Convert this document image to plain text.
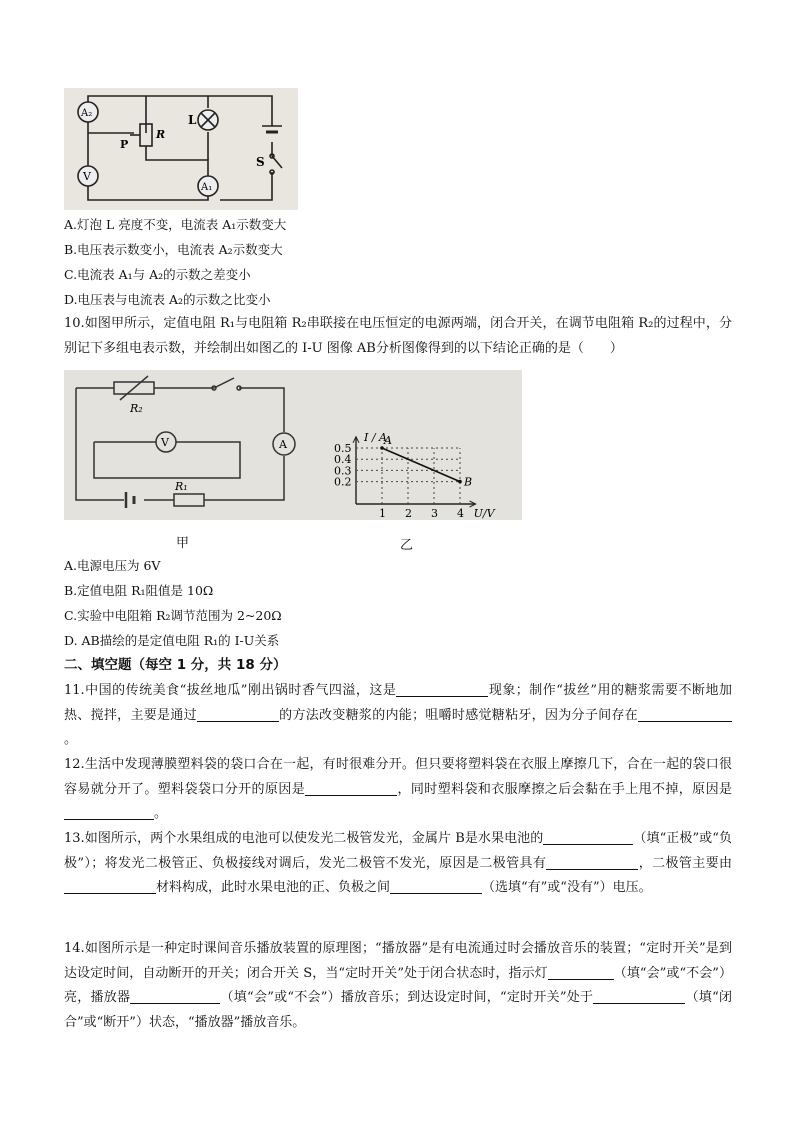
A₂
V
A₁
P
R
L
S
A.灯泡 L 亮度不变，电流表 A₁示数变大
B.电压表示数变小，电流表 A₂示数变大
C.电流表 A₁与 A₂的示数之差变小
D.电压表与电流表 A₂的示数之比变小
10.如图甲所示，定值电阻 R₁与电阻箱 R₂串联接在电压恒定的电源两端，闭合开关，在调节电阻箱 R₂的过程中，分别记下多组电表示数，并绘制出如图乙的 I-U 图像 AB分析图像得到的以下结论正确的是（　　）
R₂
R₁
V	A
1 2 3 4
0.2
0.3
0.4
0.5
U/V
I / A
A
B
甲	乙
A.电源电压为 6V
B.定值电阻 R₁阻值是 10Ω
C.实验中电阻箱 R₂调节范围为 2~20Ω
D. AB描绘的是定值电阻 R₁的 I-U关系
二、填空题（每空 1 分，共 18 分）
11.中国的传统美食“拔丝地瓜”刚出锅时香气四溢，这是	现象；制作“拔丝”用的糖浆需要不断地加热、搅拌，主要是通过	的方法改变糖浆的内能；咀嚼时感觉糖粘牙，因为分子间存在。
12.生活中发现薄膜塑料袋的袋口合在一起，有时很难分开。但只要将塑料袋在衣服上摩擦几下，合在一起的袋口很容易就分开了。塑料袋袋口分开的原因是	，同时塑料袋和衣服摩擦之后会黏在手上甩不掉，原因是。
13.如图所示，两个水果组成的电池可以使发光二极管发光，金属片 B是水果电池的	（填“正极”或“负极”）；将发光二极管正、负极接线对调后，发光二极管不发光，原因是二极管具有	，二极管主要由材料构成，此时水果电池的正、负极之间	（选填“有”或“没有”）电压。
14.如图所示是一种定时课间音乐播放装置的原理图；“播放器”是有电流通过时会播放音乐的装置；“定时开关”是到达设定时间，自动断开的开关；闭合开关 S，当“定时开关”处于闭合状态时，指示灯	（填“会”或“不会”）亮，播放器	（填“会”或“不会”）播放音乐；到达设定时间，“定时开关”处于	（填“闭合”或“断开”）状态，“播放器”播放音乐。
